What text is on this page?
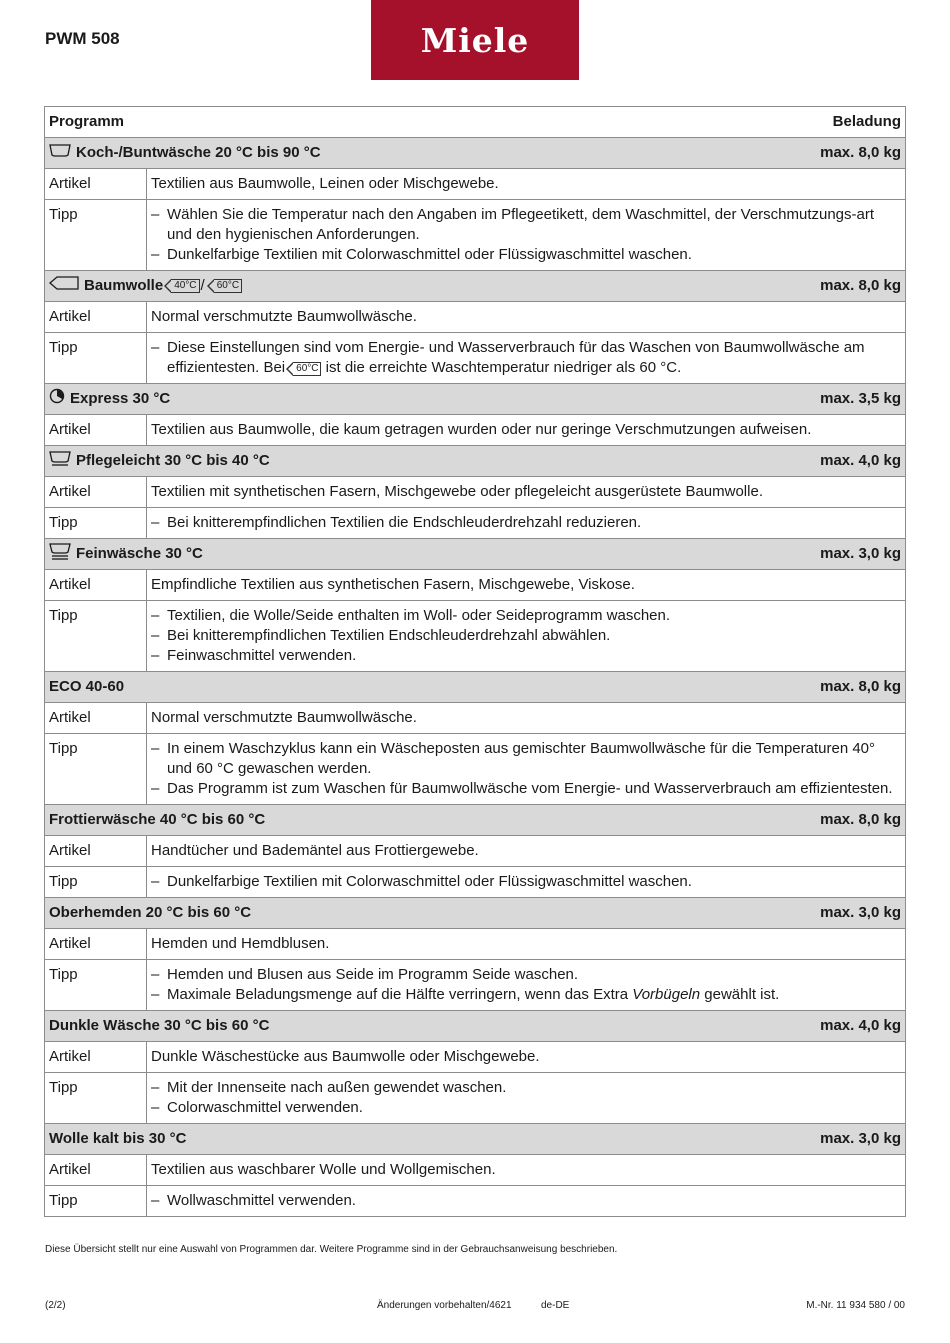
PWM 508	Miele
Programm Beladung	

Koch-/Buntwäsche 20 °C bis 90 °C max. 8,0 kg	

Artikel	Textilien aus Baumwolle, Leinen oder Mischgewebe.
Tipp	– Wählen Sie die Temperatur nach den Angaben im Pflegeetikett, dem Waschmittel, der Verschmutzungs-art und den hygienischen Anforderungen.
– Dunkelfarbige Textilien mit Colorwaschmittel oder Flüssigwaschmittel waschen.

Baumwolle 40°C / 60°C max. 8,0 kg	

Artikel	Normal verschmutzte Baumwollwäsche.
Tipp	– Diese Einstellungen sind vom Energie- und Wasserverbrauch für das Waschen von Baumwollwäsche am effizientesten. Bei 60°C ist die erreichte Waschtemperatur niedriger als 60 °C.

Express 30 °C max. 3,5 kg	

Artikel	Textilien aus Baumwolle, die kaum getragen wurden oder nur geringe Verschmutzungen aufweisen.

Pflegeleicht 30 °C bis 40 °C max. 4,0 kg	

Artikel	Textilien mit synthetischen Fasern, Mischgewebe oder pflegeleicht ausgerüstete Baumwolle.
Tipp	– Bei knitterempfindlichen Textilien die Endschleuderdrehzahl reduzieren.

Feinwäsche 30 °C max. 3,0 kg	

Artikel	Empfindliche Textilien aus synthetischen Fasern, Mischgewebe, Viskose.
Tipp	– Textilien, die Wolle/Seide enthalten im Woll- oder Seideprogramm waschen.
– Bei knitterempfindlichen Textilien Endschleuderdrehzahl abwählen.
– Feinwaschmittel verwenden.

ECO 40-60 max. 8,0 kg	

Artikel	Normal verschmutzte Baumwollwäsche.
Tipp	– In einem Waschzyklus kann ein Wäscheposten aus gemischter Baumwollwäsche für die Temperaturen 40° und 60 °C gewaschen werden.
– Das Programm ist zum Waschen für Baumwollwäsche vom Energie- und Wasserverbrauch am effizientesten.

Frottierwäsche 40 °C bis 60 °C max. 8,0 kg	

Artikel	Handtücher und Bademäntel aus Frottiergewebe.
Tipp	– Dunkelfarbige Textilien mit Colorwaschmittel oder Flüssigwaschmittel waschen.

Oberhemden 20 °C bis 60 °C max. 3,0 kg	

Artikel	Hemden und Hemdblusen.
Tipp	– Hemden und Blusen aus Seide im Programm Seide waschen.
– Maximale Beladungsmenge auf die Hälfte verringern, wenn das Extra Vorbügeln gewählt ist.

Dunkle Wäsche 30 °C bis 60 °C max. 4,0 kg	

Artikel	Dunkle Wäschestücke aus Baumwolle oder Mischgewebe.
Tipp	– Mit der Innenseite nach außen gewendet waschen.
– Colorwaschmittel verwenden.

Wolle kalt bis 30 °C max. 3,0 kg	

Artikel	Textilien aus waschbarer Wolle und Wollgemischen.
Tipp	– Wollwaschmittel verwenden.
Diese Übersicht stellt nur eine Auswahl von Programmen dar. Weitere Programme sind in der Gebrauchsanweisung beschrieben.
(2/2)	Änderungen vorbehalten/4621	de-DE	M.-Nr. 11 934 580 / 00
